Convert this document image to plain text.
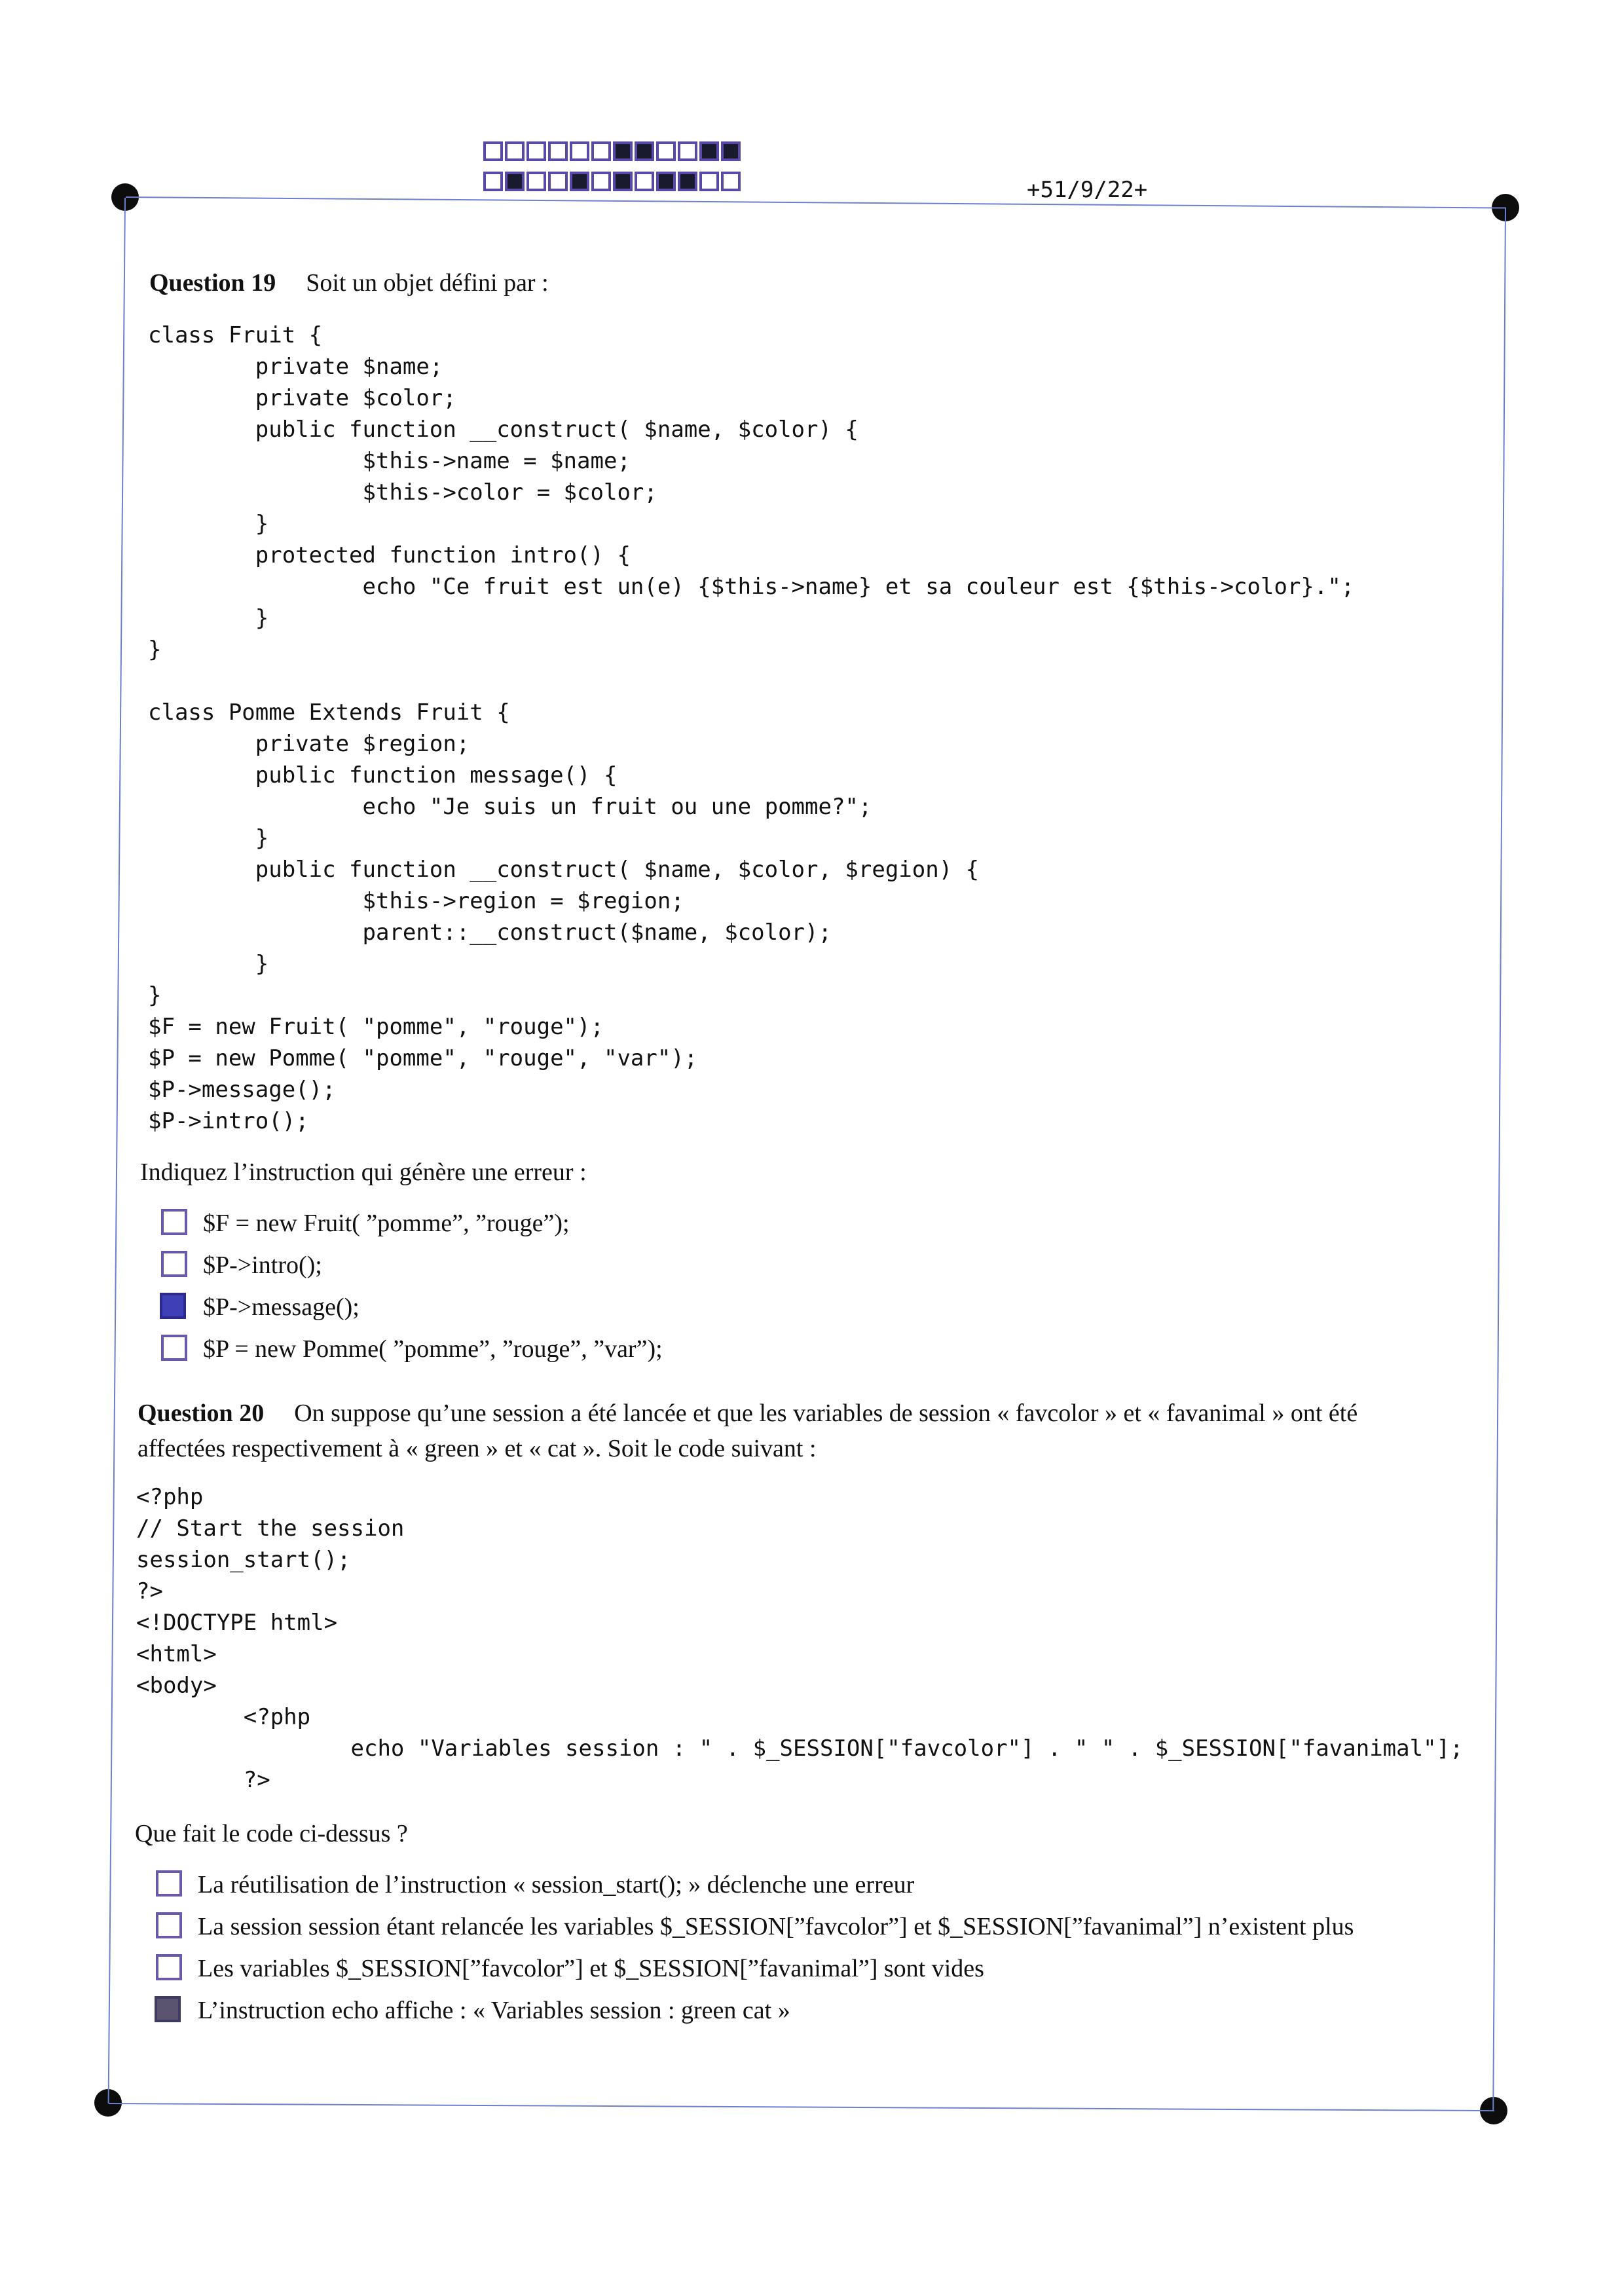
+51/9/22+
Question 19 Soit un objet défini par :
class Fruit {
private $name;
private $color;
public function __construct( $name, $color) {
$this->name = $name;
$this->color = $color;
}
protected function intro() {
echo "Ce fruit est un(e) {$this->name} et sa couleur est {$this->color}.";
}
}

class Pomme Extends Fruit {
private $region;
public function message() {
echo "Je suis un fruit ou une pomme?";
}
public function __construct( $name, $color, $region) {
$this->region = $region;
parent::__construct($name, $color);
}
}
$F = new Fruit( "pomme", "rouge");
$P = new Pomme( "pomme", "rouge", "var");
$P->message();
$P->intro();
Indiquez l’instruction qui génère une erreur :
$F = new Fruit( ”pomme”, ”rouge”);
$P->intro();
$P->message();
$P = new Pomme( ”pomme”, ”rouge”, ”var”);
Question 20 On suppose qu’une session a été lancée et que les variables de session « favcolor » et « favanimal » ont été
affectées respectivement à « green » et « cat ». Soit le code suivant :
<?php
// Start the session
session_start();
?>
<!DOCTYPE html>
<html>
<body>
<?php
echo "Variables session : " . $_SESSION["favcolor"] . " " . $_SESSION["favanimal"];
?>
Que fait le code ci-dessus ?
La réutilisation de l’instruction « session_start(); » déclenche une erreur
La session session étant relancée les variables $_SESSION[”favcolor”] et $_SESSION[”favanimal”] n’existent plus
Les variables $_SESSION[”favcolor”] et $_SESSION[”favanimal”] sont vides
L’instruction echo affiche : « Variables session : green cat »
